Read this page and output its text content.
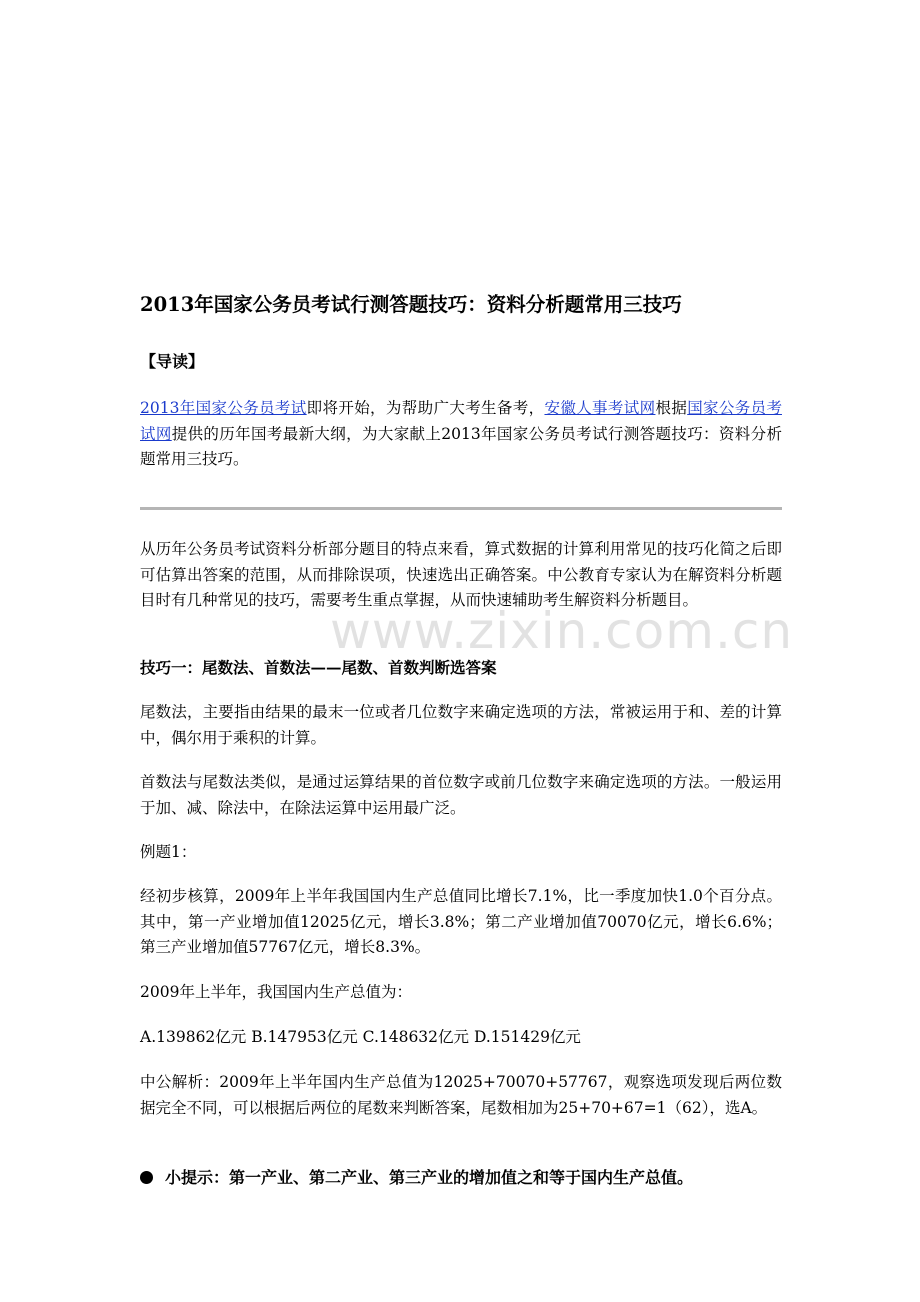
2013年国家公务员考试行测答题技巧：资料分析题常用三技巧
【导读】
2013年国家公务员考试即将开始，为帮助广大考生备考，安徽人事考试网根据国家公务员考试网提供的历年国考最新大纲，为大家献上2013年国家公务员考试行测答题技巧：资料分析题常用三技巧。
从历年公务员考试资料分析部分题目的特点来看，算式数据的计算利用常见的技巧化简之后即可估算出答案的范围，从而排除误项，快速选出正确答案。中公教育专家认为在解资料分析题目时有几种常见的技巧，需要考生重点掌握，从而快速辅助考生解资料分析题目。
技巧一：尾数法、首数法——尾数、首数判断选答案
尾数法，主要指由结果的最末一位或者几位数字来确定选项的方法，常被运用于和、差的计算中，偶尔用于乘积的计算。
首数法与尾数法类似，是通过运算结果的首位数字或前几位数字来确定选项的方法。一般运用于加、减、除法中，在除法运算中运用最广泛。
例题1：
经初步核算，2009年上半年我国国内生产总值同比增长7.1%，比一季度加快1.0个百分点。其中，第一产业增加值12025亿元，增长3.8%；第二产业增加值70070亿元，增长6.6%；第三产业增加值57767亿元，增长8.3%。
2009年上半年，我国国内生产总值为：
A.139862亿元 B.147953亿元 C.148632亿元 D.151429亿元
中公解析：2009年上半年国内生产总值为12025+70070+57767，观察选项发现后两位数据完全不同，可以根据后两位的尾数来判断答案，尾数相加为25+70+67=1（62），选A。
小提示：第一产业、第二产业、第三产业的增加值之和等于国内生产总值。
www.zixin.com.cn
